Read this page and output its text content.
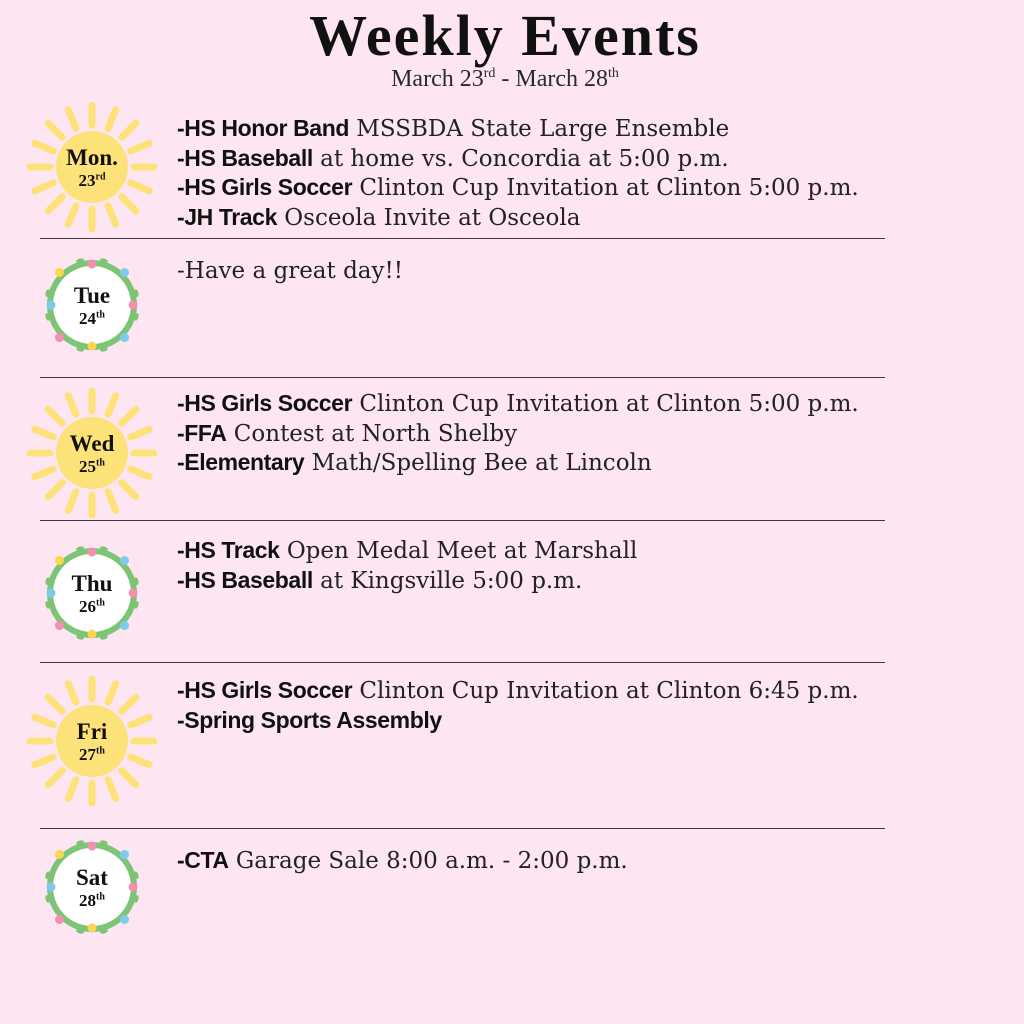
Weekly Events
March 23rd - March 28th
Mon.
23rd
-HS Honor Band MSSBDA State Large Ensemble
-HS Baseball at home vs. Concordia at 5:00 p.m.
-HS Girls Soccer Clinton Cup Invitation at Clinton 5:00 p.m.
-JH Track Osceola Invite at Osceola
Tue
24th
-Have a great day!!
Wed
25th
-HS Girls Soccer Clinton Cup Invitation at Clinton 5:00 p.m.
-FFA Contest at North Shelby
-Elementary Math/Spelling Bee at Lincoln
Thu
26th
-HS Track Open Medal Meet at Marshall
-HS Baseball at Kingsville 5:00 p.m.
Fri
27th
-HS Girls Soccer Clinton Cup Invitation at Clinton 6:45 p.m.
-Spring Sports Assembly
Sat
28th
-CTA Garage Sale 8:00 a.m. - 2:00 p.m.
